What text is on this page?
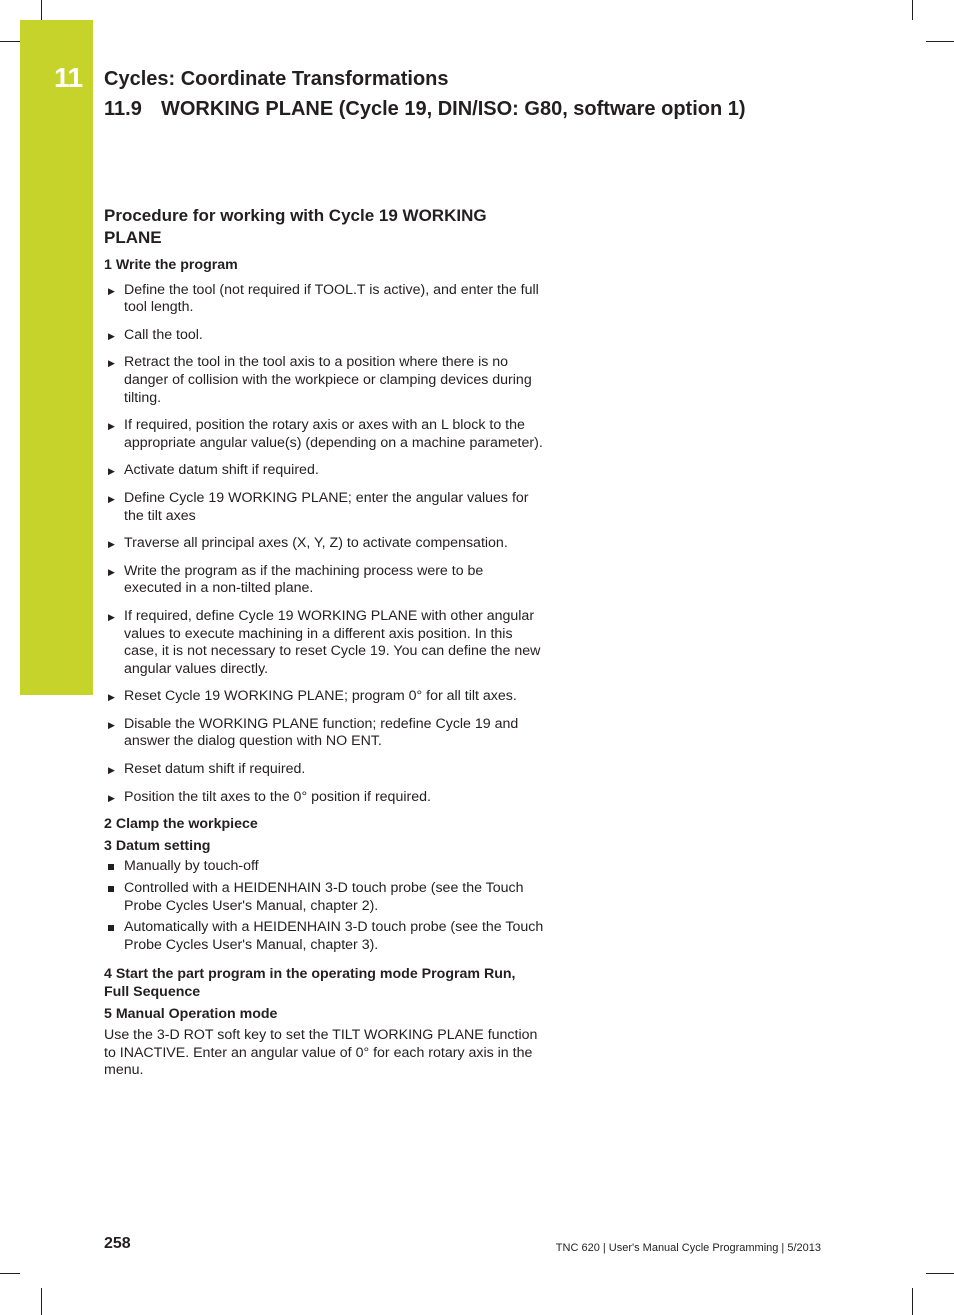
11 Cycles: Coordinate Transformations
11.9 WORKING PLANE (Cycle 19, DIN/ISO: G80, software option 1)
Procedure for working with Cycle 19 WORKING PLANE
1 Write the program
▶ Define the tool (not required if TOOL.T is active), and enter the full tool length.
▶ Call the tool.
▶ Retract the tool in the tool axis to a position where there is no danger of collision with the workpiece or clamping devices during tilting.
▶ If required, position the rotary axis or axes with an L block to the appropriate angular value(s) (depending on a machine parameter).
▶ Activate datum shift if required.
▶ Define Cycle 19 WORKING PLANE; enter the angular values for the tilt axes
▶ Traverse all principal axes (X, Y, Z) to activate compensation.
▶ Write the program as if the machining process were to be executed in a non-tilted plane.
▶ If required, define Cycle 19 WORKING PLANE with other angular values to execute machining in a different axis position. In this case, it is not necessary to reset Cycle 19. You can define the new angular values directly.
▶ Reset Cycle 19 WORKING PLANE; program 0° for all tilt axes.
▶ Disable the WORKING PLANE function; redefine Cycle 19 and answer the dialog question with NO ENT.
▶ Reset datum shift if required.
▶ Position the tilt axes to the 0° position if required.
2 Clamp the workpiece
3 Datum setting
Manually by touch-off
Controlled with a HEIDENHAIN 3-D touch probe (see the Touch Probe Cycles User's Manual, chapter 2).
Automatically with a HEIDENHAIN 3-D touch probe (see the Touch Probe Cycles User's Manual, chapter 3).
4 Start the part program in the operating mode Program Run, Full Sequence
5 Manual Operation mode

Use the 3-D ROT soft key to set the TILT WORKING PLANE function to INACTIVE. Enter an angular value of 0° for each rotary axis in the menu.

258	TNC 620 | User's Manual Cycle Programming | 5/2013
